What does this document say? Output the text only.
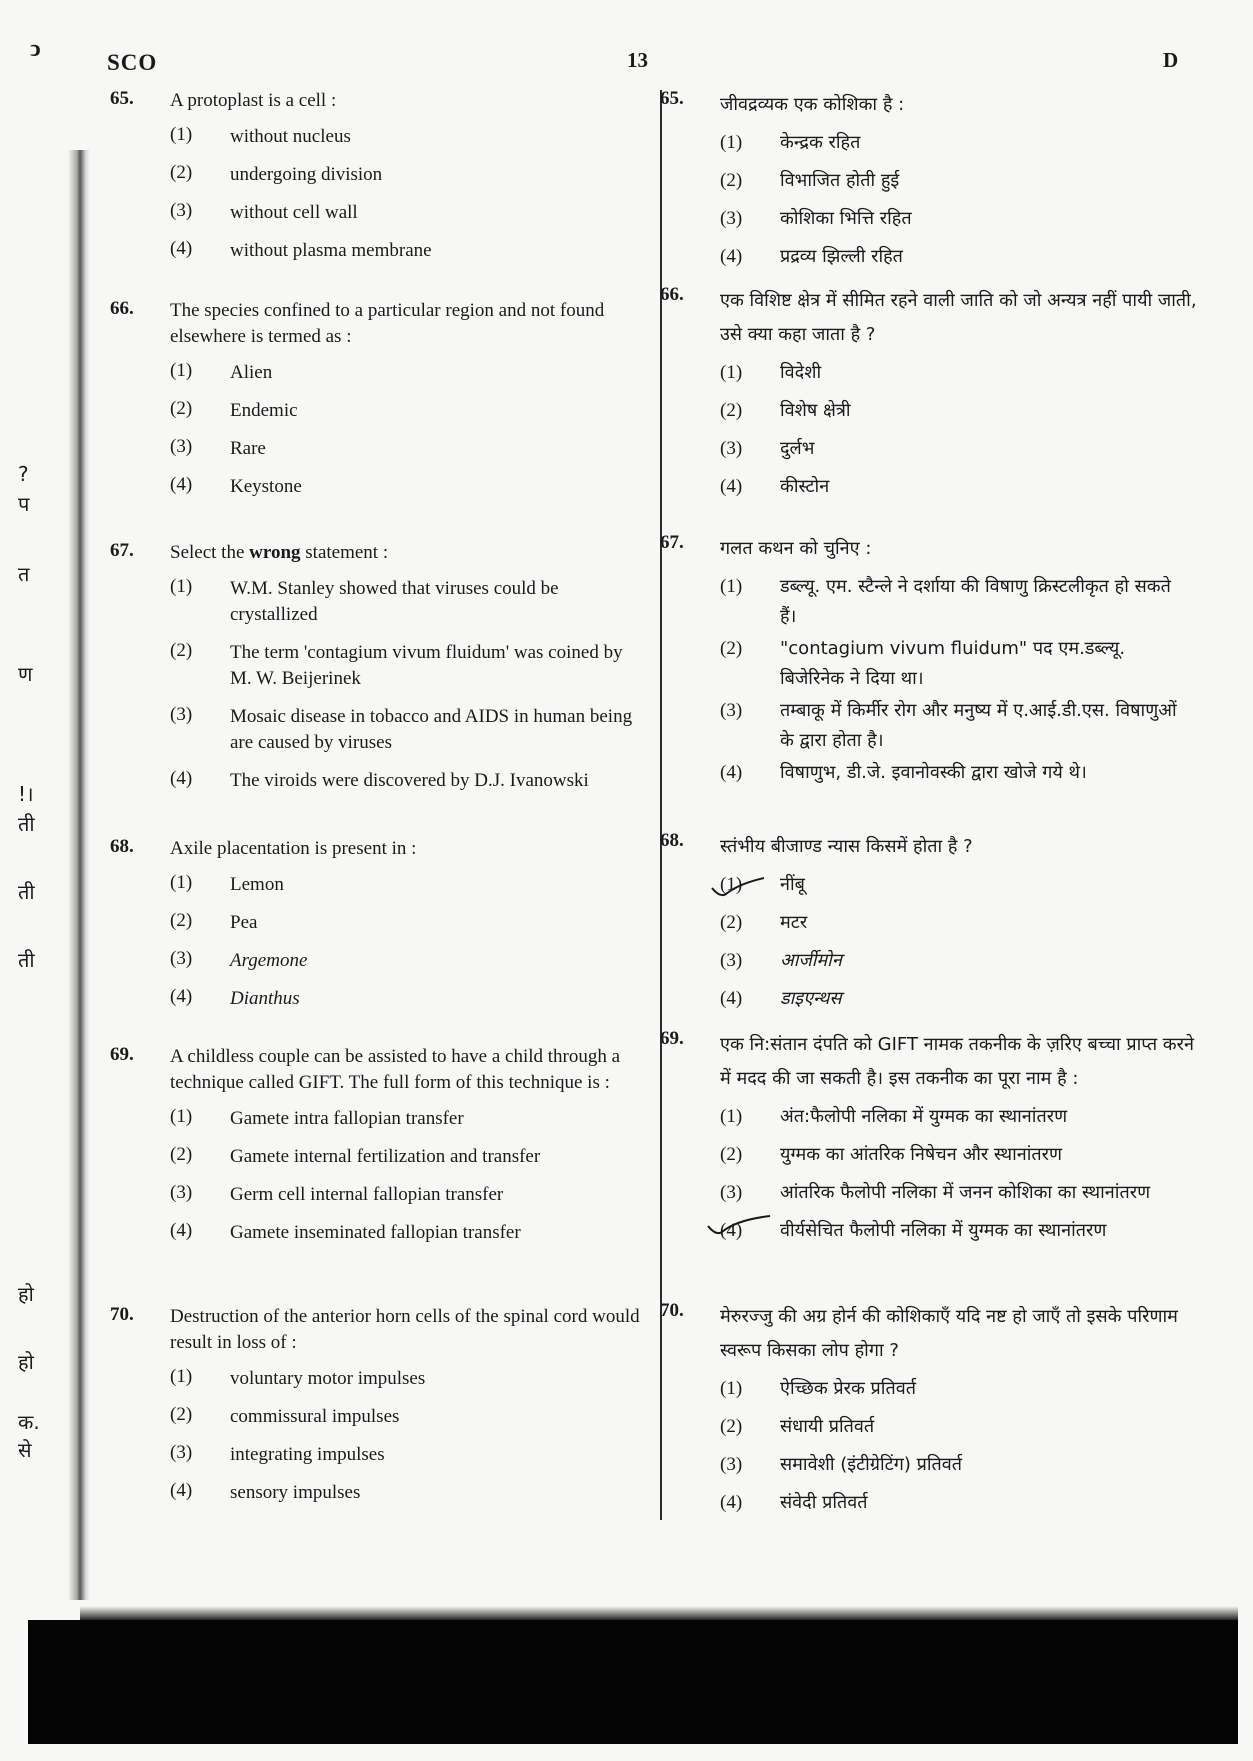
ↄ
SCO	13	D
?
प
त
ण
!।
ती
ती
ती
हो
हो
क.
से
65. A protoplast is a cell :
(1)	without nucleus
(2)	undergoing division
(3)	without cell wall
(4)	without plasma membrane
66. The species confined to a particular region and not found elsewhere is termed as :
(1)	Alien
(2)	Endemic
(3)	Rare
(4)	Keystone
67. Select the wrong statement :
(1)	W.M. Stanley showed that viruses could be crystallized
(2)	The term 'contagium vivum fluidum' was coined by M. W. Beijerinek
(3)	Mosaic disease in tobacco and AIDS in human being are caused by viruses
(4)	The viroids were discovered by D.J. Ivanowski
68. Axile placentation is present in :
(1)	Lemon
(2)	Pea
(3)	Argemone
(4)	Dianthus
69. A childless couple can be assisted to have a child through a technique called GIFT. The full form of this technique is :
(1)	Gamete intra fallopian transfer
(2)	Gamete internal fertilization and transfer
(3)	Germ cell internal fallopian transfer
(4)	Gamete inseminated fallopian transfer
70. Destruction of the anterior horn cells of the spinal cord would result in loss of :
(1)	voluntary motor impulses
(2)	commissural impulses
(3)	integrating impulses
(4)	sensory impulses
65. जीवद्रव्यक एक कोशिका है :
(1)	केन्द्रक रहित
(2)	विभाजित होती हुई
(3)	कोशिका भित्ति रहित
(4)	प्रद्रव्य झिल्ली रहित
66. एक विशिष्ट क्षेत्र में सीमित रहने वाली जाति को जो अन्यत्र नहीं पायी जाती, उसे क्या कहा जाता है ?
(1)	विदेशी
(2)	विशेष क्षेत्री
(3)	दुर्लभ
(4)	कीस्टोन
67. गलत कथन को चुनिए :
(1)	डब्ल्यू. एम. स्टैन्ले ने दर्शाया की विषाणु क्रिस्टलीकृत हो सकते हैं।
(2)	"contagium vivum fluidum" पद एम.डब्ल्यू. बिजेरिनेक ने दिया था।
(3)	तम्बाकू में किर्मीर रोग और मनुष्य में ए.आई.डी.एस. विषाणुओं के द्वारा होता है।
(4)	विषाणुभ, डी.जे. इवानोवस्की द्वारा खोजे गये थे।
68. स्तंभीय बीजाण्ड न्यास किसमें होता है ?
(1)	नींबू
(2)	मटर
(3)	आर्जीमोन
(4)	डाइएन्थस
69. एक नि:संतान दंपति को GIFT नामक तकनीक के ज़रिए बच्चा प्राप्त करने में मदद की जा सकती है। इस तकनीक का पूरा नाम है :
(1)	अंत:फैलोपी नलिका में युग्मक का स्थानांतरण
(2)	युग्मक का आंतरिक निषेचन और स्थानांतरण
(3)	आंतरिक फैलोपी नलिका में जनन कोशिका का स्थानांतरण
(4)	वीर्यसेचित फैलोपी नलिका में युग्मक का स्थानांतरण
70. मेरुरज्जु की अग्र होर्न की कोशिकाएँ यदि नष्ट हो जाएँ तो इसके परिणाम स्वरूप किसका लोप होगा ?
(1)	ऐच्छिक प्रेरक प्रतिवर्त
(2)	संधायी प्रतिवर्त
(3)	समावेशी (इंटीग्रेटिंग) प्रतिवर्त
(4)	संवेदी प्रतिवर्त
